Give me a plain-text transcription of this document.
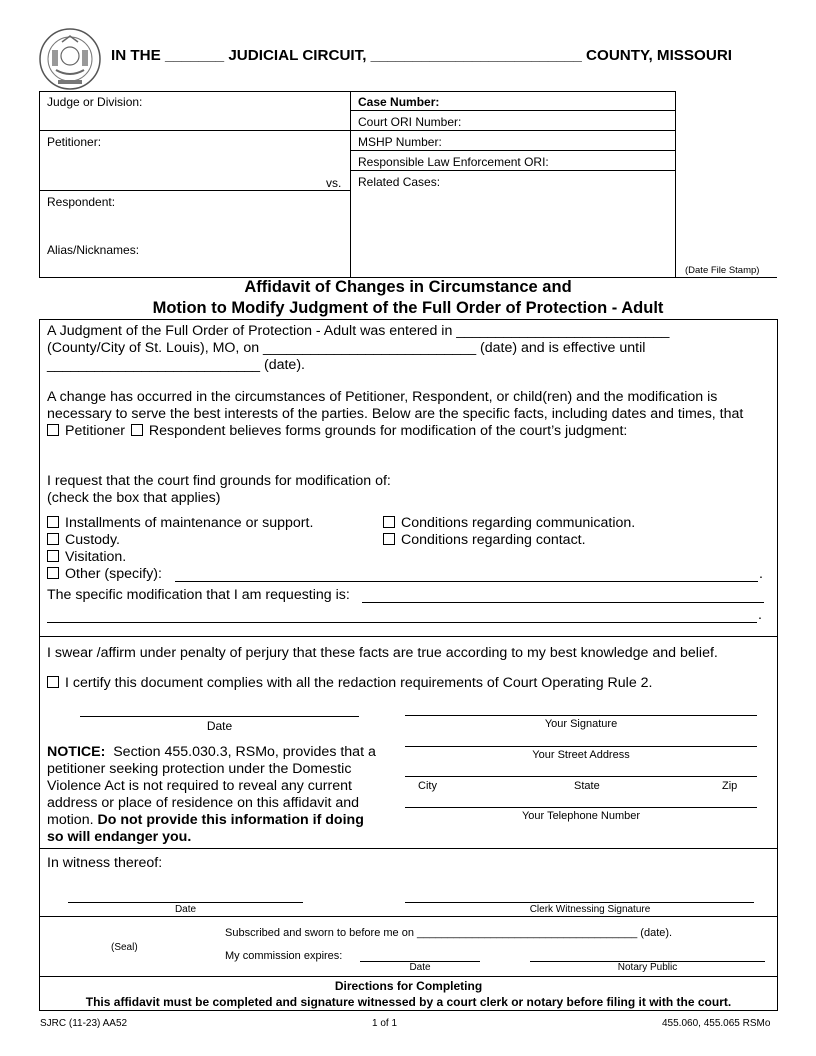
IN THE _______ JUDICIAL CIRCUIT, _________________________ COUNTY, MISSOURI
Judge or Division:
Petitioner:
vs.
Respondent:
Alias/Nicknames:
Case Number:
Court ORI Number:
MSHP Number:
Responsible Law Enforcement ORI:
Related Cases:
(Date File Stamp)
Affidavit of Changes in Circumstance and
Motion to Modify Judgment of the Full Order of Protection - Adult
A Judgment of the Full Order of Protection - Adult was entered in ___________________________
(County/City of St. Louis), MO, on ___________________________ (date) and is effective until
___________________________ (date).
A change has occurred in the circumstances of Petitioner, Respondent, or child(ren) and the modification is
necessary to serve the best interests of the parties. Below are the specific facts, including dates and times, that
Petitioner Respondent believes forms grounds for modification of the court’s judgment:
I request that the court find grounds for modification of:
(check the box that applies)
Installments of maintenance or support.
Custody.
Visitation.
Other (specify):	.
Conditions regarding communication.
Conditions regarding contact.
The specific modification that I am requesting is:
.
I swear /affirm under penalty of perjury that these facts are true according to my best knowledge and belief.
I certify this document complies with all the redaction requirements of Court Operating Rule 2.
Date	Your Signature
Your Street Address
City	State	Zip
Your Telephone Number
NOTICE: Section 455.030.3, RSMo, provides that a
petitioner seeking protection under the Domestic
Violence Act is not required to reveal any current
address or place of residence on this affidavit and
motion. Do not provide this information if doing
so will endanger you.
In witness thereof:
Date	Clerk Witnessing Signature
(Seal)
Subscribed and sworn to before me on ____________________________________ (date).
My commission expires:
Date	Notary Public
Directions for Completing
This affidavit must be completed and signature witnessed by a court clerk or notary before filing it with the court.
SJRC (11-23) AA52	1 of 1	455.060, 455.065 RSMo
